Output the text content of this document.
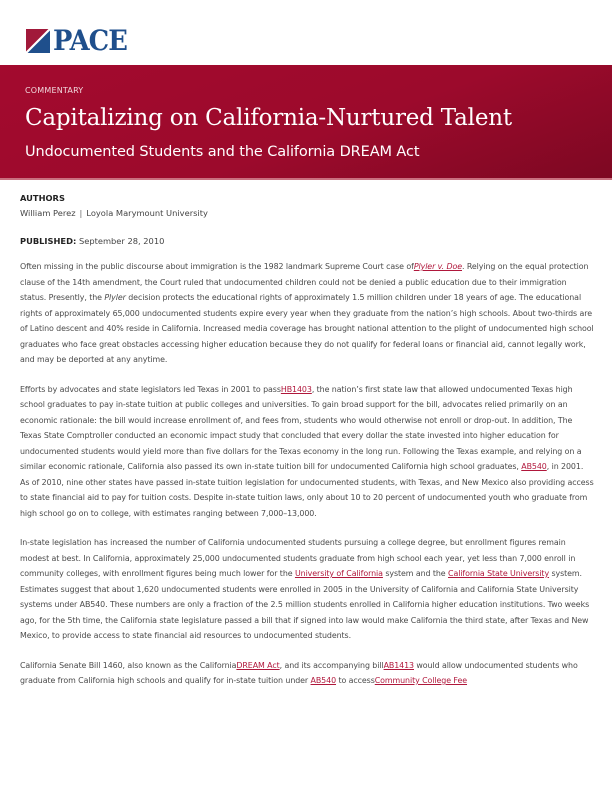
PACE
COMMENTARY
Capitalizing on California-Nurtured Talent
Undocumented Students and the California DREAM Act
AUTHORS
William Perez | Loyola Marymount University
PUBLISHED: September 28, 2010

Often missing in the public discourse about immigration is the 1982 landmark Supreme Court case ofPlyler v. Doe. Relying on the equal protection clause of the 14th amendment, the Court ruled that undocumented children could not be denied a public education due to their immigration status. Presently, the Plyler decision protects the educational rights of approximately 1.5 million children under 18 years of age. The educational rights of approximately 65,000 undocumented students expire every year when they graduate from the nation’s high schools. About two-thirds are of Latino descent and 40% reside in California. Increased media coverage has brought national attention to the plight of undocumented high school graduates who face great obstacles accessing higher education because they do not qualify for federal loans or financial aid, cannot legally work, and may be deported at any anytime.

Efforts by advocates and state legislators led Texas in 2001 to passHB1403, the nation’s first state law that allowed undocumented Texas high school graduates to pay in-state tuition at public colleges and universities. To gain broad support for the bill, advocates relied primarily on an economic rationale: the bill would increase enrollment of, and fees from, students who would otherwise not enroll or drop-out. In addition, The Texas State Comptroller conducted an economic impact study that concluded that every dollar the state invested into higher education for undocumented students would yield more than five dollars for the Texas economy in the long run. Following the Texas example, and relying on a similar economic rationale, California also passed its own in-state tuition bill for undocumented California high school graduates, AB540, in 2001. As of 2010, nine other states have passed in-state tuition legislation for undocumented students, with Texas, and New Mexico also providing access to state financial aid to pay for tuition costs. Despite in-state tuition laws, only about 10 to 20 percent of undocumented youth who graduate from high school go on to college, with estimates ranging between 7,000–13,000.

In-state legislation has increased the number of California undocumented students pursuing a college degree, but enrollment figures remain modest at best. In California, approximately 25,000 undocumented students graduate from high school each year, yet less than 7,000 enroll in community colleges, with enrollment figures being much lower for the University of California system and the California State University system. Estimates suggest that about 1,620 undocumented students were enrolled in 2005 in the University of California and California State University systems under AB540. These numbers are only a fraction of the 2.5 million students enrolled in California higher education institutions. Two weeks ago, for the 5th time, the California state legislature passed a bill that if signed into law would make California the third state, after Texas and New Mexico, to provide access to state financial aid resources to undocumented students.

California Senate Bill 1460, also known as the CaliforniaDREAM Act, and its accompanying billAB1413 would allow undocumented students who graduate from California high schools and qualify for in-state tuition under AB540 to accessCommunity College Fee
